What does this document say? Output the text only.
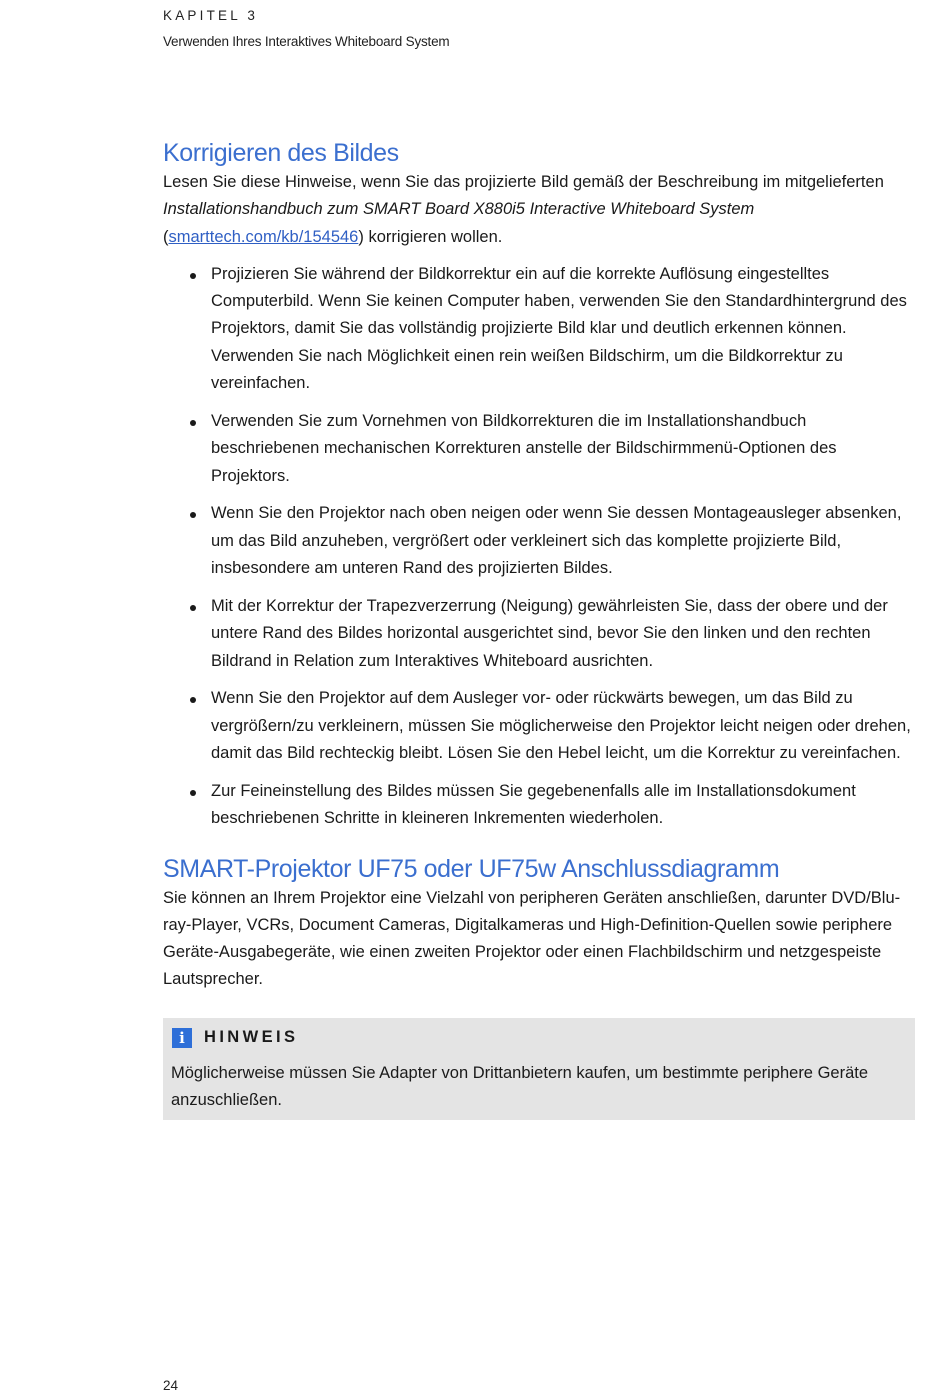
KAPITEL 3
Verwenden Ihres Interaktives Whiteboard System
Korrigieren des Bildes

Lesen Sie diese Hinweise, wenn Sie das projizierte Bild gemäß der Beschreibung im mitgelieferten Installationshandbuch zum SMART Board X880i5 Interactive Whiteboard System (smarttech.com/kb/154546) korrigieren wollen.

Projizieren Sie während der Bildkorrektur ein auf die korrekte Auflösung eingestelltes Computerbild. Wenn Sie keinen Computer haben, verwenden Sie den Standardhintergrund des Projektors, damit Sie das vollständig projizierte Bild klar und deutlich erkennen können. Verwenden Sie nach Möglichkeit einen rein weißen Bildschirm, um die Bildkorrektur zu vereinfachen.
Verwenden Sie zum Vornehmen von Bildkorrekturen die im Installationshandbuch beschriebenen mechanischen Korrekturen anstelle der Bildschirmmenü-Optionen des Projektors.
Wenn Sie den Projektor nach oben neigen oder wenn Sie dessen Montageausleger absenken, um das Bild anzuheben, vergrößert oder verkleinert sich das komplette projizierte Bild, insbesondere am unteren Rand des projizierten Bildes.
Mit der Korrektur der Trapezverzerrung (Neigung) gewährleisten Sie, dass der obere und der untere Rand des Bildes horizontal ausgerichtet sind, bevor Sie den linken und den rechten Bildrand in Relation zum Interaktives Whiteboard ausrichten.
Wenn Sie den Projektor auf dem Ausleger vor- oder rückwärts bewegen, um das Bild zu vergrößern/zu verkleinern, müssen Sie möglicherweise den Projektor leicht neigen oder drehen, damit das Bild rechteckig bleibt. Lösen Sie den Hebel leicht, um die Korrektur zu vereinfachen.
Zur Feineinstellung des Bildes müssen Sie gegebenenfalls alle im Installationsdokument beschriebenen Schritte in kleineren Inkrementen wiederholen.
SMART-Projektor UF75 oder UF75w Anschlussdiagramm

Sie können an Ihrem Projektor eine Vielzahl von peripheren Geräten anschließen, darunter DVD/Blu-ray-Player, VCRs, Document Cameras, Digitalkameras und High-Definition-Quellen sowie periphere Geräte-Ausgabegeräte, wie einen zweiten Projektor oder einen Flachbildschirm und netzgespeiste Lautsprecher.

i	HINWEIS

Möglicherweise müssen Sie Adapter von Drittanbietern kaufen, um bestimmte periphere Geräte anzuschließen.

24
